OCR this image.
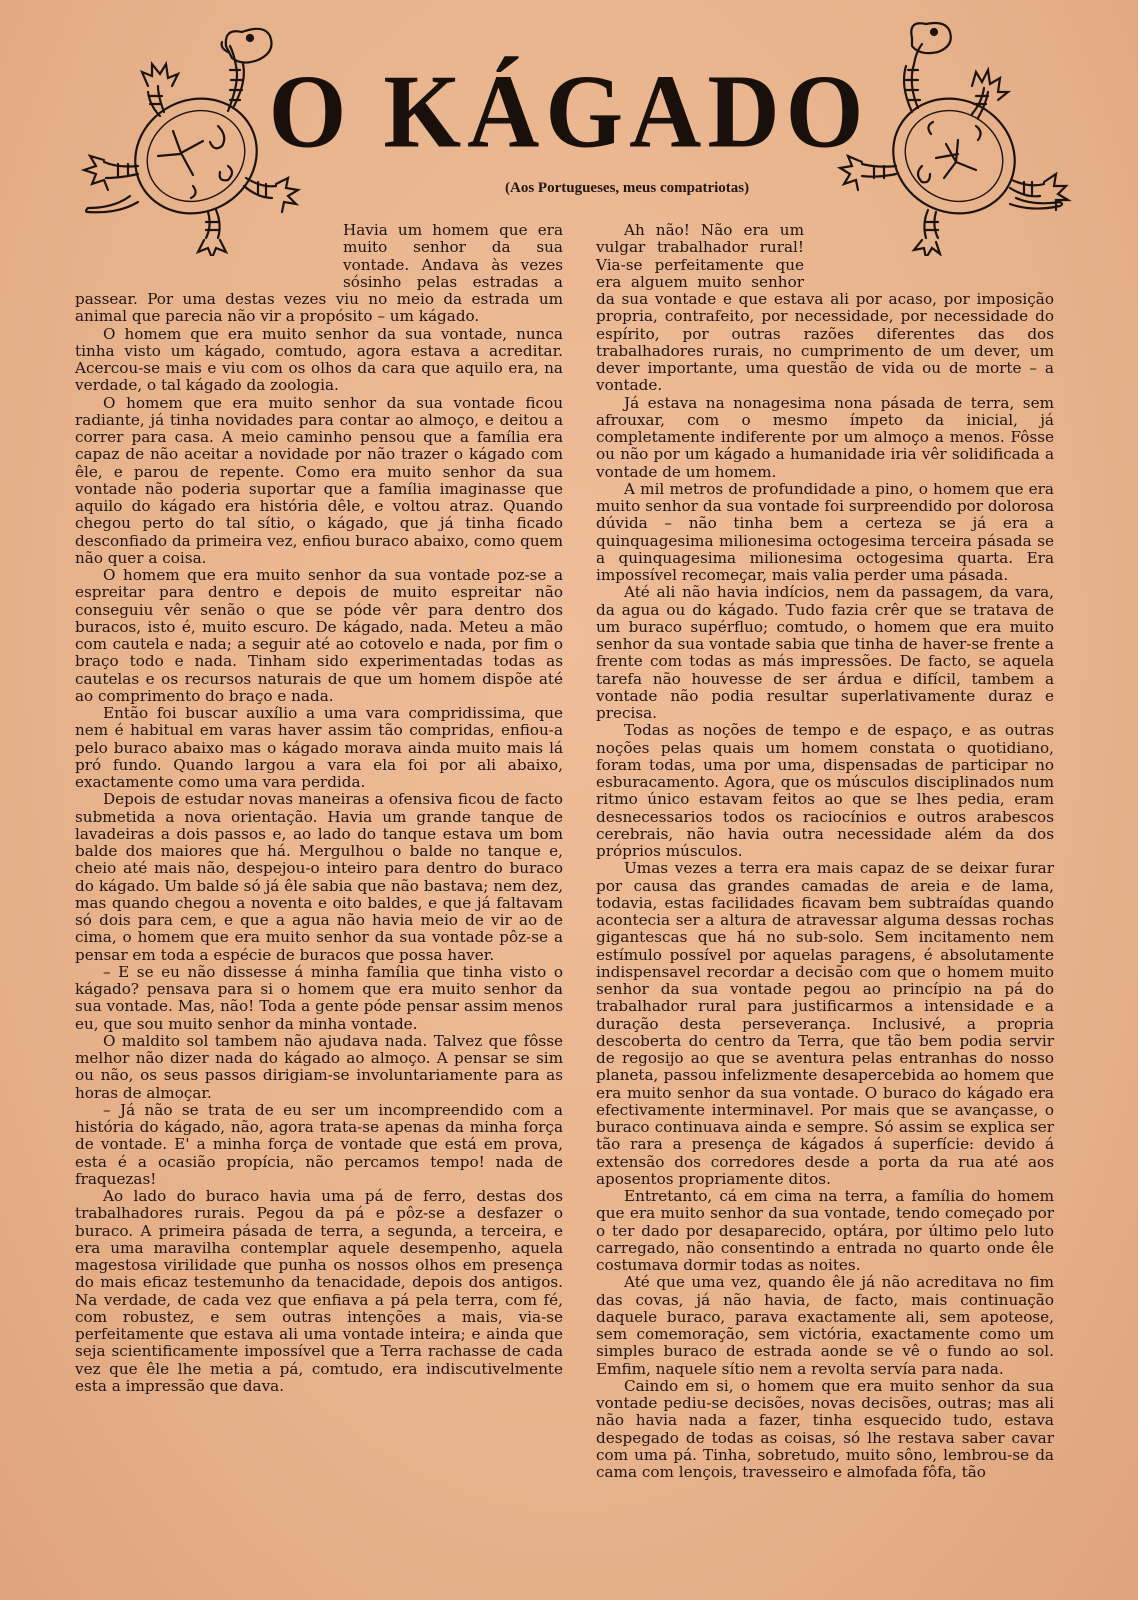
O KÁGADO
(Aos Portugueses, meus compatriotas)

Havia um homem que era muito senhor da sua vontade. Andava às vezes sósinho pelas estradas a passear. Por uma destas vezes viu no meio da estrada um animal que parecia não vir a propósito – um kágado.

O homem que era muito senhor da sua vontade, nunca tinha visto um kágado, comtudo, agora estava a acreditar. Acercou-se mais e viu com os olhos da cara que aquilo era, na verdade, o tal kágado da zoologia.

O homem que era muito senhor da sua vontade ficou radiante, já tinha novidades para contar ao almoço, e deitou a correr para casa. A meio caminho pensou que a família era capaz de não aceitar a novidade por não trazer o kágado com êle, e parou de repente. Como era muito senhor da sua vontade não poderia suportar que a família imaginasse que aquilo do kágado era história dêle, e voltou atraz. Quando chegou perto do tal sítio, o kágado, que já tinha ficado desconfiado da primeira vez, enfiou buraco abaixo, como quem não quer a coisa.

O homem que era muito senhor da sua vontade poz-se a espreitar para dentro e depois de muito espreitar não conseguiu vêr senão o que se póde vêr para dentro dos buracos, isto é, muito escuro. De kágado, nada. Meteu a mão com cautela e nada; a seguir até ao cotovelo e nada, por fim o braço todo e nada. Tinham sido experimentadas todas as cautelas e os recursos naturais de que um homem dispõe até ao comprimento do braço e nada.

Então foi buscar auxílio a uma vara compridissima, que nem é habitual em varas haver assim tão compridas, enfiou-a pelo buraco abaixo mas o kágado morava ainda muito mais lá pró fundo. Quando largou a vara ela foi por ali abaixo, exactamente como uma vara perdida.

Depois de estudar novas maneiras a ofensiva ficou de facto submetida a nova orientação. Havia um grande tanque de lavadeiras a dois passos e, ao lado do tanque estava um bom balde dos maiores que há. Mergulhou o balde no tanque e, cheio até mais não, despejou-o inteiro para dentro do buraco do kágado. Um balde só já êle sabia que não bastava; nem dez, mas quando chegou a noventa e oito baldes, e que já faltavam só dois para cem, e que a agua não havia meio de vir ao de cima, o homem que era muito senhor da sua vontade pôz-se a pensar em toda a espécie de buracos que possa haver.

– E se eu não dissesse á minha família que tinha visto o kágado? pensava para si o homem que era muito senhor da sua vontade. Mas, não! Toda a gente póde pensar assim menos eu, que sou muito senhor da minha vontade.

O maldito sol tambem não ajudava nada. Talvez que fôsse melhor não dizer nada do kágado ao almoço. A pensar se sim ou não, os seus passos dirigiam-se involuntariamente para as horas de almoçar.

– Já não se trata de eu ser um incompreendido com a história do kágado, não, agora trata-se apenas da minha força de vontade. E' a minha força de vontade que está em prova, esta é a ocasião propícia, não percamos tempo! nada de fraquezas!

Ao lado do buraco havia uma pá de ferro, destas dos trabalhadores rurais. Pegou da pá e pôz-se a desfazer o buraco. A primeira pásada de terra, a segunda, a terceira, e era uma maravilha contemplar aquele desempenho, aquela magestosa virilidade que punha os nossos olhos em presença do mais eficaz testemunho da tenacidade, depois dos antigos. Na verdade, de cada vez que enfiava a pá pela terra, com fé, com robustez, e sem outras intenções a mais, via-se perfeitamente que estava ali uma vontade inteira; e ainda que seja scientificamente impossível que a Terra rachasse de cada vez que êle lhe metia a pá, comtudo, era indiscutivelmente esta a impressão que dava.

Ah não! Não era um vulgar trabalhador rural! Via-se perfeitamente que era alguem muito senhor da sua vontade e que estava ali por acaso, por imposição propria, contrafeito, por necessidade, por necessidade do espírito, por outras razões diferentes das dos trabalhadores rurais, no cumprimento de um dever, um dever importante, uma questão de vida ou de morte – a vontade.

Já estava na nonagesima nona pásada de terra, sem afrouxar, com o mesmo ímpeto da inicial, já completamente indiferente por um almoço a menos. Fôsse ou não por um kágado a humanidade iria vêr solidificada a vontade de um homem.

A mil metros de profundidade a pino, o homem que era muito senhor da sua vontade foi surpreendido por dolorosa dúvida – não tinha bem a certeza se já era a quinquagesima milionesima octogesima terceira pásada se a quinquagesima milionesima octogesima quarta. Era impossível recomeçar, mais valia perder uma pásada.

Até ali não havia indícios, nem da passagem, da vara, da agua ou do kágado. Tudo fazia crêr que se tratava de um buraco supérfluo; comtudo, o homem que era muito senhor da sua vontade sabia que tinha de haver-se frente a frente com todas as más impressões. De facto, se aquela tarefa não houvesse de ser árdua e difícil, tambem a vontade não podia resultar superlativamente duraz e precisa.

Todas as noções de tempo e de espaço, e as outras noções pelas quais um homem constata o quotidiano, foram todas, uma por uma, dispensadas de participar no esburacamento. Agora, que os músculos disciplinados num ritmo único estavam feitos ao que se lhes pedia, eram desnecessarios todos os raciocínios e outros arabescos cerebrais, não havia outra necessidade além da dos próprios músculos.

Umas vezes a terra era mais capaz de se deixar furar por causa das grandes camadas de areia e de lama, todavia, estas facilidades ficavam bem subtraídas quando acontecia ser a altura de atravessar alguma dessas rochas gigantescas que há no sub-solo. Sem incitamento nem estímulo possível por aquelas paragens, é absolutamente indispensavel recordar a decisão com que o homem muito senhor da sua vontade pegou ao princípio na pá do trabalhador rural para justificarmos a intensidade e a duração desta perseverança. Inclusivé, a propria descoberta do centro da Terra, que tão bem podia servir de regosijo ao que se aventura pelas entranhas do nosso planeta, passou infelizmente desapercebida ao homem que era muito senhor da sua vontade. O buraco do kágado era efectivamente interminavel. Por mais que se avançasse, o buraco continuava ainda e sempre. Só assim se explica ser tão rara a presença de kágados á superfície: devido á extensão dos corredores desde a porta da rua até aos aposentos propriamente ditos.

Entretanto, cá em cima na terra, a família do homem que era muito senhor da sua vontade, tendo começado por o ter dado por desaparecido, optára, por último pelo luto carregado, não consentindo a entrada no quarto onde êle costumava dormir todas as noites.

Até que uma vez, quando êle já não acreditava no fim das covas, já não havia, de facto, mais continuação daquele buraco, parava exactamente ali, sem apoteose, sem comemoração, sem victória, exactamente como um simples buraco de estrada aonde se vê o fundo ao sol. Emfim, naquele sítio nem a revolta servía para nada.

Caindo em si, o homem que era muito senhor da sua vontade pediu-se decisões, novas decisões, outras; mas ali não havia nada a fazer, tinha esquecido tudo, estava despegado de todas as coisas, só lhe restava saber cavar com uma pá. Tinha, sobretudo, muito sôno, lembrou-se da cama com lençois, travesseiro e almofada fôfa, tão
